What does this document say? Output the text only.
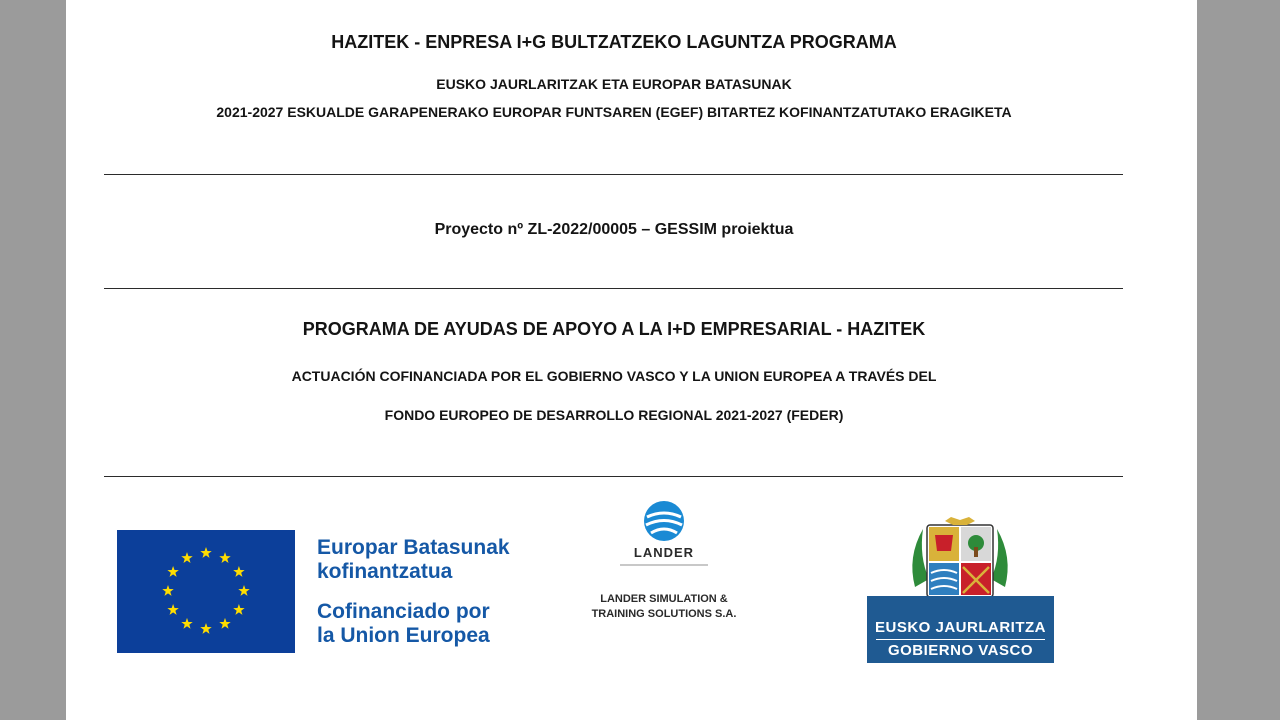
HAZITEK - ENPRESA I+G BULTZATZEKO LAGUNTZA PROGRAMA
EUSKO JAURLARITZAK ETA EUROPAR BATASUNAK
2021-2027 ESKUALDE GARAPENERAKO EUROPAR FUNTSAREN (EGEF) BITARTEZ KOFINANTZATUTAKO ERAGIKETA
Proyecto nº ZL-2022/00005 – GESSIM proiektua
PROGRAMA DE AYUDAS DE APOYO A LA I+D EMPRESARIAL - HAZITEK
ACTUACIÓN COFINANCIADA POR EL GOBIERNO VASCO Y LA UNION EUROPEA A TRAVÉS DEL
FONDO EUROPEO DE DESARROLLO REGIONAL 2021-2027 (FEDER)
Europar Batasunak
kofinantzatua
Cofinanciado por
la Union Europea
LANDER
LANDER SIMULATION &
TRAINING SOLUTIONS S.A.
EUSKO JAURLARITZA
GOBIERNO VASCO
